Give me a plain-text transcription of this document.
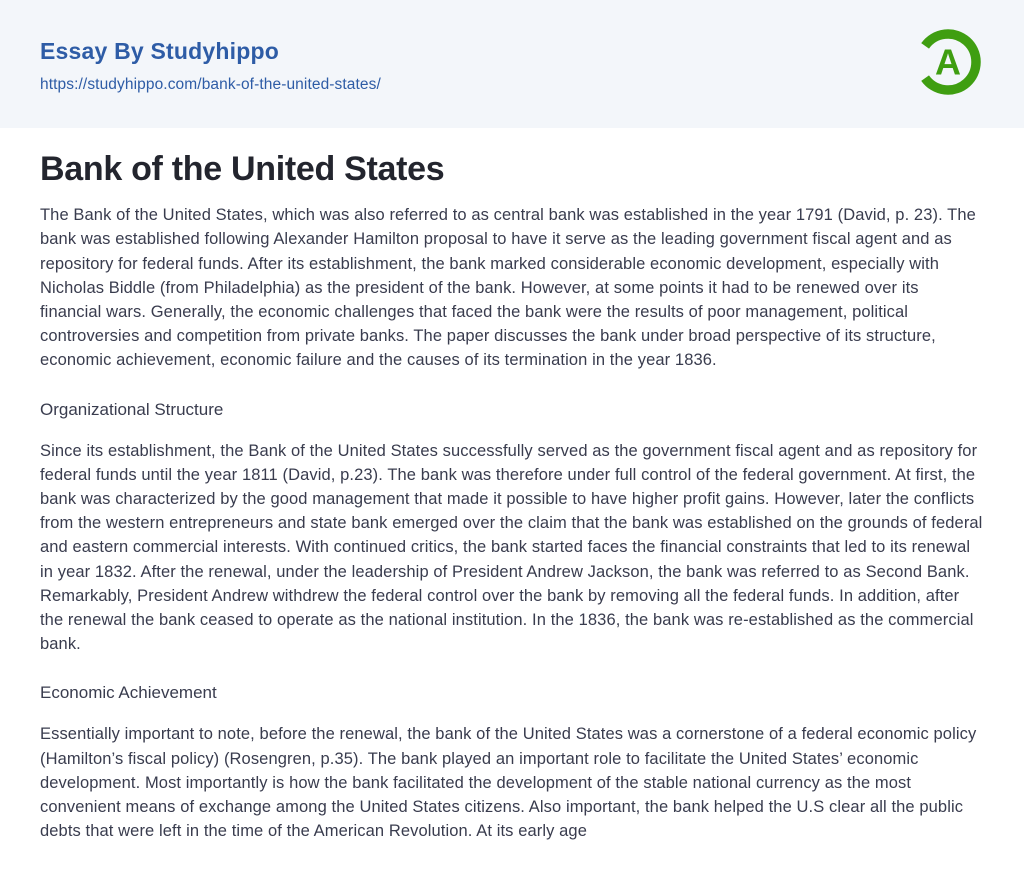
Essay By Studyhippo
https://studyhippo.com/bank-of-the-united-states/
A
Bank of the United States

The Bank of the United States, which was also referred to as central bank was established in the year 1791 (David, p. 23). The bank was established following Alexander Hamilton proposal to have it serve as the leading government fiscal agent and as repository for federal funds. After its establishment, the bank marked considerable economic development, especially with Nicholas Biddle (from Philadelphia) as the president of the bank. However, at some points it had to be renewed over its financial wars. Generally, the economic challenges that faced the bank were the results of poor management, political controversies and competition from private banks. The paper discusses the bank under broad perspective of its structure, economic achievement, economic failure and the causes of its termination in the year 1836.

Organizational Structure

Since its establishment, the Bank of the United States successfully served as the government fiscal agent and as repository for federal funds until the year 1811 (David, p.23). The bank was therefore under full control of the federal government. At first, the bank was characterized by the good management that made it possible to have higher profit gains. However, later the conflicts from the western entrepreneurs and state bank emerged over the claim that the bank was established on the grounds of federal and eastern commercial interests. With continued critics, the bank started faces the financial constraints that led to its renewal in year 1832. After the renewal, under the leadership of President Andrew Jackson, the bank was referred to as Second Bank. Remarkably, President Andrew withdrew the federal control over the bank by removing all the federal funds. In addition, after the renewal the bank ceased to operate as the national institution. In the 1836, the bank was re-established as the commercial bank.

Economic Achievement

Essentially important to note, before the renewal, the bank of the United States was a cornerstone of a federal economic policy (Hamilton’s fiscal policy) (Rosengren, p.35). The bank played an important role to facilitate the United States’ economic development. Most importantly is how the bank facilitated the development of the stable national currency as the most convenient means of exchange among the United States citizens. Also important, the bank helped the U.S clear all the public debts that were left in the time of the American Revolution. At its early age
